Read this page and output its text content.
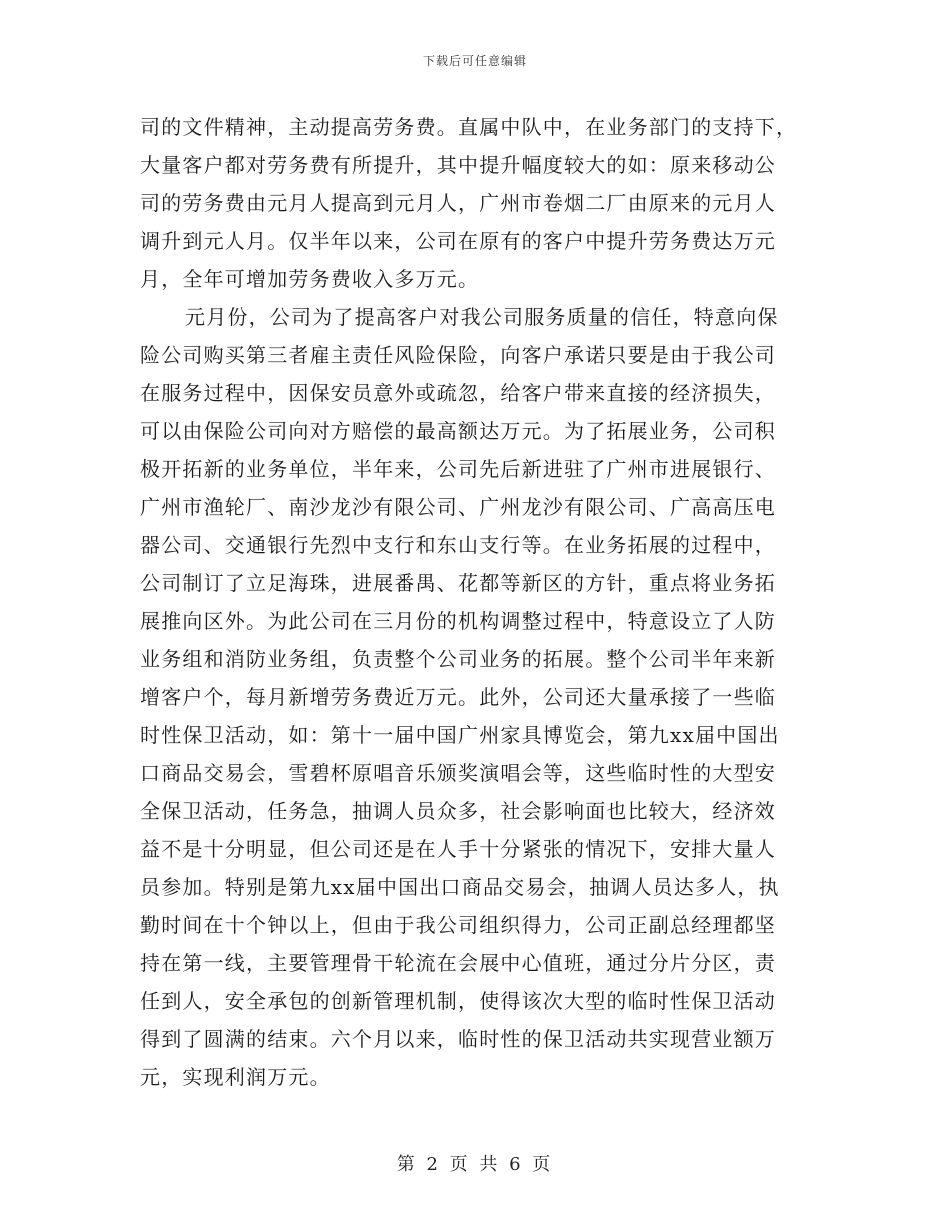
下载后可任意编辑
司的文件精神，主动提高劳务费。直属中队中，在业务部门的支持下，
大量客户都对劳务费有所提升，其中提升幅度较大的如：原来移动公
司的劳务费由元月人提高到元月人，广州市卷烟二厂由原来的元月人
调升到元人月。仅半年以来，公司在原有的客户中提升劳务费达万元
月，全年可增加劳务费收入多万元。
元月份，公司为了提高客户对我公司服务质量的信任，特意向保
险公司购买第三者雇主责任风险保险，向客户承诺只要是由于我公司
在服务过程中，因保安员意外或疏忽，给客户带来直接的经济损失，
可以由保险公司向对方赔偿的最高额达万元。为了拓展业务，公司积
极开拓新的业务单位，半年来，公司先后新进驻了广州市进展银行、
广州市渔轮厂、南沙龙沙有限公司、广州龙沙有限公司、广高高压电
器公司、交通银行先烈中支行和东山支行等。在业务拓展的过程中，
公司制订了立足海珠，进展番禺、花都等新区的方针，重点将业务拓
展推向区外。为此公司在三月份的机构调整过程中，特意设立了人防
业务组和消防业务组，负责整个公司业务的拓展。整个公司半年来新
增客户个，每月新增劳务费近万元。此外，公司还大量承接了一些临
时性保卫活动，如：第十一届中国广州家具博览会，第九xx届中国出
口商品交易会，雪碧杯原唱音乐颁奖演唱会等，这些临时性的大型安
全保卫活动，任务急，抽调人员众多，社会影响面也比较大，经济效
益不是十分明显，但公司还是在人手十分紧张的情况下，安排大量人
员参加。特别是第九xx届中国出口商品交易会，抽调人员达多人，执
勤时间在十个钟以上，但由于我公司组织得力，公司正副总经理都坚
持在第一线，主要管理骨干轮流在会展中心值班，通过分片分区，责
任到人，安全承包的创新管理机制，使得该次大型的临时性保卫活动
得到了圆满的结束。六个月以来，临时性的保卫活动共实现营业额万
元，实现利润万元。
第 2 页 共 6 页
